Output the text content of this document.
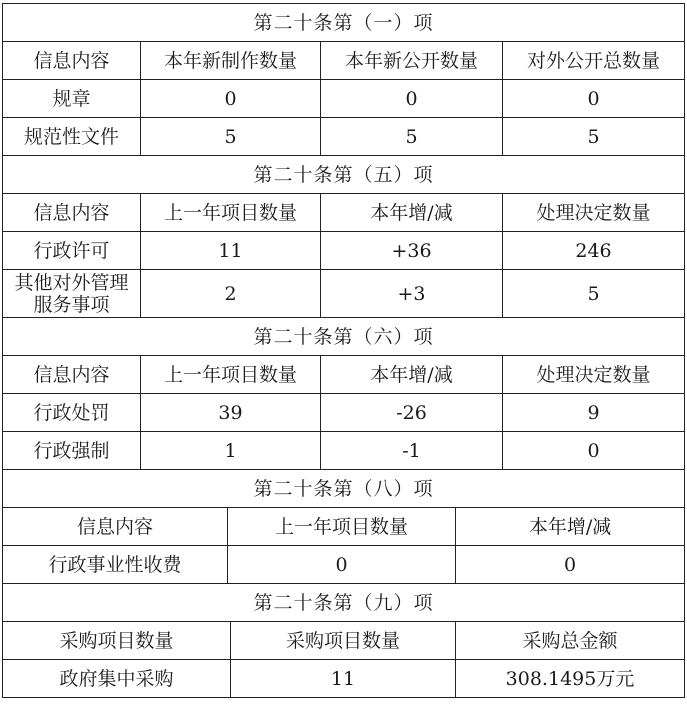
第二十条第（一）项			
信息内容	本年新制作数量	本年新公开数量	对外公开总数量
规章	0	0	0
规范性文件	5	5	5
第二十条第（五）项			
信息内容	上一年项目数量	本年增/减	处理决定数量
行政许可	11	+36	246
其他对外管理服务事项	2	+3	5
第二十条第（六）项			
信息内容	上一年项目数量	本年增/减	处理决定数量
行政处罚	39	-26	9
行政强制	1	-1	0
第二十条第（八）项		
信息内容	上一年项目数量	本年增/减
行政事业性收费	0	0
第二十条第（九）项		
采购项目数量	采购项目数量	采购总金额
政府集中采购	11	308.1495万元
